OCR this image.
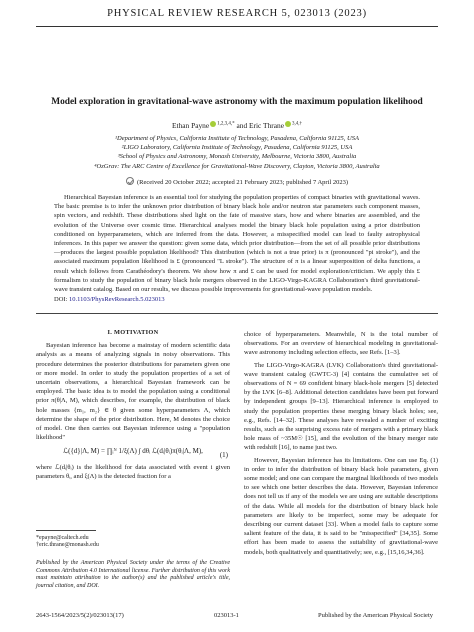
PHYSICAL REVIEW RESEARCH 5, 023013 (2023)
Model exploration in gravitational-wave astronomy with the maximum population likelihood
Ethan Payne $^{1,2,3,4,*}$ and Eric Thrane $^{3,4,\dagger}$
¹Department of Physics, California Institute of Technology, Pasadena, California 91125, USA
²LIGO Laboratory, California Institute of Technology, Pasadena, California 91125, USA
³School of Physics and Astronomy, Monash University, Melbourne, Victoria 3800, Australia
⁴OzGrav: The ARC Centre of Excellence for Gravitational-Wave Discovery, Clayton, Victoria 3800, Australia
(Received 20 October 2022; accepted 21 February 2023; published 7 April 2023)
Hierarchical Bayesian inference is an essential tool for studying the population properties of compact binaries with gravitational waves. The basic premise is to infer the unknown prior distribution of binary black hole and/or neutron star parameters such component masses, spin vectors, and redshift. These distributions shed light on the fate of massive stars, how and where binaries are assembled, and the evolution of the Universe over cosmic time. Hierarchical analyses model the binary black hole population using a prior distribution conditioned on hyperparameters, which are inferred from the data. However, a misspecified model can lead to faulty astrophysical inferences. In this paper we answer the question: given some data, which prior distribution—from the set of all possible prior distributions—produces the largest possible population likelihood? This distribution (which is not a true prior) is π (pronounced "pi stroke"), and the associated maximum population likelihood is £ (pronounced "L stroke"). The structure of π is a linear superposition of delta functions, a result which follows from Carathéodory's theorem. We show how π and £ can be used for model exploration/criticism. We apply this £ formalism to study the population of binary black hole mergers observed in the LIGO-Virgo-KAGRA Collaboration's third gravitational-wave transient catalog. Based on our results, we discuss possible improvements for gravitational-wave population models.
DOI: 10.1103/PhysRevResearch.5.023013
I. MOTIVATION

Bayesian inference has become a mainstay of modern scientific data analysis as a means of analyzing signals in noisy observations. This procedure determines the posterior distributions for parameters given one or more model. In order to study the population properties of a set of uncertain observations, a hierarchical Bayesian framework can be employed. The basic idea is to model the population using a conditional prior π(θ|Λ, M), which describes, for example, the distribution of black hole masses {m₁, m₂} ∈ θ given some hyperparameters Λ, which determine the shape of the prior distribution. Here, M denotes the choice of model. One then carries out Bayesian inference using a "population likelihood"

ℒ({d}|Λ, M) = ∏ᵢᴺ 1/ξ(Λ) ∫ dθᵢ ℒ(dᵢ|θᵢ)π(θᵢ|Λ, M), (1)

where ℒ(dᵢ|θᵢ) is the likelihood for data associated with event i given parameters θᵢ, and ξ(Λ) is the detected fraction for a

choice of hyperparameters. Meanwhile, N is the total number of observations. For an overview of hierarchical modeling in gravitational-wave astronomy including selection effects, see Refs. [1–3].

The LIGO-Virgo-KAGRA (LVK) Collaboration's third gravitational-wave transient catalog (GWTC-3) [4] contains the cumulative set of observations of N = 69 confident binary black-hole mergers [5] detected by the LVK [6–8]. Additional detection candidates have been put forward by independent groups [9–13]. Hierarchical inference is employed to study the population properties these merging binary black holes; see, e.g., Refs. [14–32]. These analyses have revealed a number of exciting results, such as the surprising excess rate of mergers with a primary black hole mass of ~35M☉ [15], and the evolution of the binary merger rate with redshift [16], to name just two.

However, Bayesian inference has its limitations. One can use Eq. (1) in order to infer the distribution of binary black hole parameters, given some model; and one can compare the marginal likelihoods of two models to see which one better describes the data. However, Bayesian inference does not tell us if any of the models we are using are suitable descriptions of the data. While all models for the distribution of binary black hole parameters are likely to be imperfect, some may be adequate for describing our current dataset [33]. When a model fails to capture some salient feature of the data, it is said to be "misspecified" [34,35]. Some effort has been made to assess the suitability of gravitational-wave models, both qualitatively and quantitatively; see, e.g., [15,16,34,36].

*epayne@caltech.edu
†eric.thrane@monash.edu
Published by the American Physical Society under the terms of the Creative Commons Attribution 4.0 International license. Further distribution of this work must maintain attribution to the author(s) and the published article's title, journal citation, and DOI.
2643-1564/2023/5(2)/023013(17)	023013-1	Published by the American Physical Society
